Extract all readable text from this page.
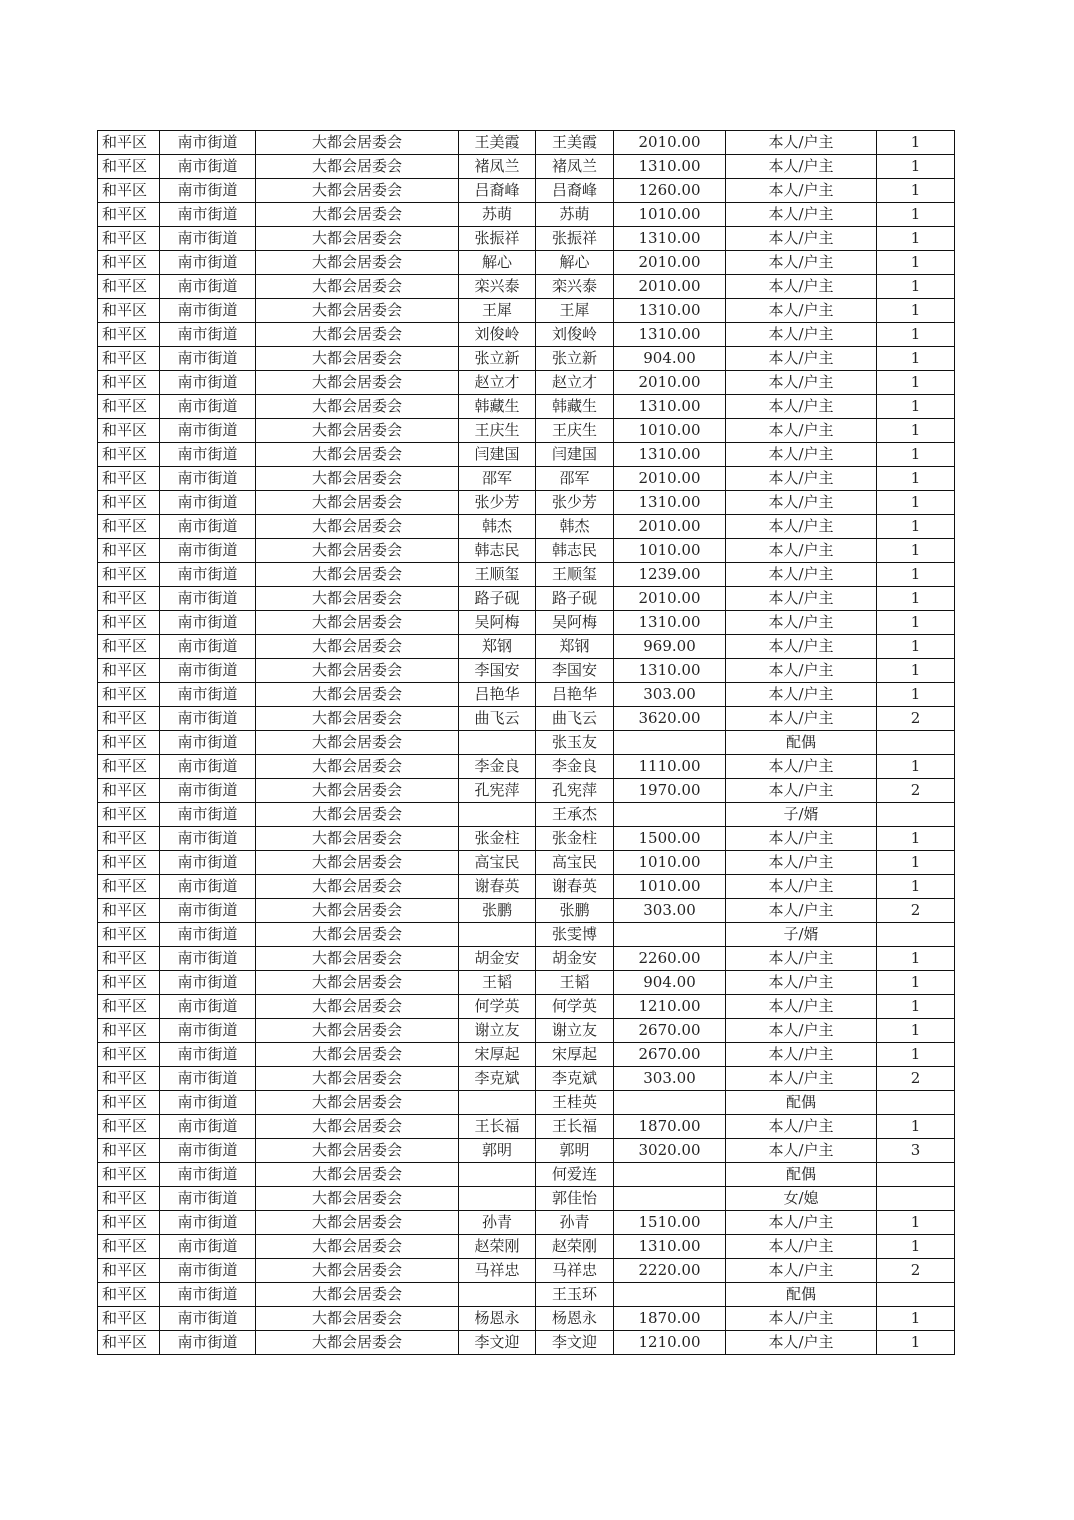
和平区	南市街道	大都会居委会	王美霞	王美霞	2010.00	本人/户主	1
和平区	南市街道	大都会居委会	褚凤兰	褚凤兰	1310.00	本人/户主	1
和平区	南市街道	大都会居委会	吕裔峰	吕裔峰	1260.00	本人/户主	1
和平区	南市街道	大都会居委会	苏萌	苏萌	1010.00	本人/户主	1
和平区	南市街道	大都会居委会	张振祥	张振祥	1310.00	本人/户主	1
和平区	南市街道	大都会居委会	解心	解心	2010.00	本人/户主	1
和平区	南市街道	大都会居委会	栾兴泰	栾兴泰	2010.00	本人/户主	1
和平区	南市街道	大都会居委会	王犀	王犀	1310.00	本人/户主	1
和平区	南市街道	大都会居委会	刘俊岭	刘俊岭	1310.00	本人/户主	1
和平区	南市街道	大都会居委会	张立新	张立新	904.00	本人/户主	1
和平区	南市街道	大都会居委会	赵立才	赵立才	2010.00	本人/户主	1
和平区	南市街道	大都会居委会	韩藏生	韩藏生	1310.00	本人/户主	1
和平区	南市街道	大都会居委会	王庆生	王庆生	1010.00	本人/户主	1
和平区	南市街道	大都会居委会	闫建国	闫建国	1310.00	本人/户主	1
和平区	南市街道	大都会居委会	邵军	邵军	2010.00	本人/户主	1
和平区	南市街道	大都会居委会	张少芳	张少芳	1310.00	本人/户主	1
和平区	南市街道	大都会居委会	韩杰	韩杰	2010.00	本人/户主	1
和平区	南市街道	大都会居委会	韩志民	韩志民	1010.00	本人/户主	1
和平区	南市街道	大都会居委会	王顺玺	王顺玺	1239.00	本人/户主	1
和平区	南市街道	大都会居委会	路子砚	路子砚	2010.00	本人/户主	1
和平区	南市街道	大都会居委会	吴阿梅	吴阿梅	1310.00	本人/户主	1
和平区	南市街道	大都会居委会	郑钢	郑钢	969.00	本人/户主	1
和平区	南市街道	大都会居委会	李国安	李国安	1310.00	本人/户主	1
和平区	南市街道	大都会居委会	吕艳华	吕艳华	303.00	本人/户主	1
和平区	南市街道	大都会居委会	曲飞云	曲飞云	3620.00	本人/户主	2
和平区	南市街道	大都会居委会		张玉友		配偶	
和平区	南市街道	大都会居委会	李金良	李金良	1110.00	本人/户主	1
和平区	南市街道	大都会居委会	孔宪萍	孔宪萍	1970.00	本人/户主	2
和平区	南市街道	大都会居委会		王承杰		子/婿	
和平区	南市街道	大都会居委会	张金柱	张金柱	1500.00	本人/户主	1
和平区	南市街道	大都会居委会	高宝民	高宝民	1010.00	本人/户主	1
和平区	南市街道	大都会居委会	谢春英	谢春英	1010.00	本人/户主	1
和平区	南市街道	大都会居委会	张鹏	张鹏	303.00	本人/户主	2
和平区	南市街道	大都会居委会		张雯博		子/婿	
和平区	南市街道	大都会居委会	胡金安	胡金安	2260.00	本人/户主	1
和平区	南市街道	大都会居委会	王韬	王韬	904.00	本人/户主	1
和平区	南市街道	大都会居委会	何学英	何学英	1210.00	本人/户主	1
和平区	南市街道	大都会居委会	谢立友	谢立友	2670.00	本人/户主	1
和平区	南市街道	大都会居委会	宋厚起	宋厚起	2670.00	本人/户主	1
和平区	南市街道	大都会居委会	李克斌	李克斌	303.00	本人/户主	2
和平区	南市街道	大都会居委会		王桂英		配偶	
和平区	南市街道	大都会居委会	王长福	王长福	1870.00	本人/户主	1
和平区	南市街道	大都会居委会	郭明	郭明	3020.00	本人/户主	3
和平区	南市街道	大都会居委会		何爱连		配偶	
和平区	南市街道	大都会居委会		郭佳怡		女/媳	
和平区	南市街道	大都会居委会	孙青	孙青	1510.00	本人/户主	1
和平区	南市街道	大都会居委会	赵荣刚	赵荣刚	1310.00	本人/户主	1
和平区	南市街道	大都会居委会	马祥忠	马祥忠	2220.00	本人/户主	2
和平区	南市街道	大都会居委会		王玉环		配偶	
和平区	南市街道	大都会居委会	杨恩永	杨恩永	1870.00	本人/户主	1
和平区	南市街道	大都会居委会	李文迎	李文迎	1210.00	本人/户主	1
